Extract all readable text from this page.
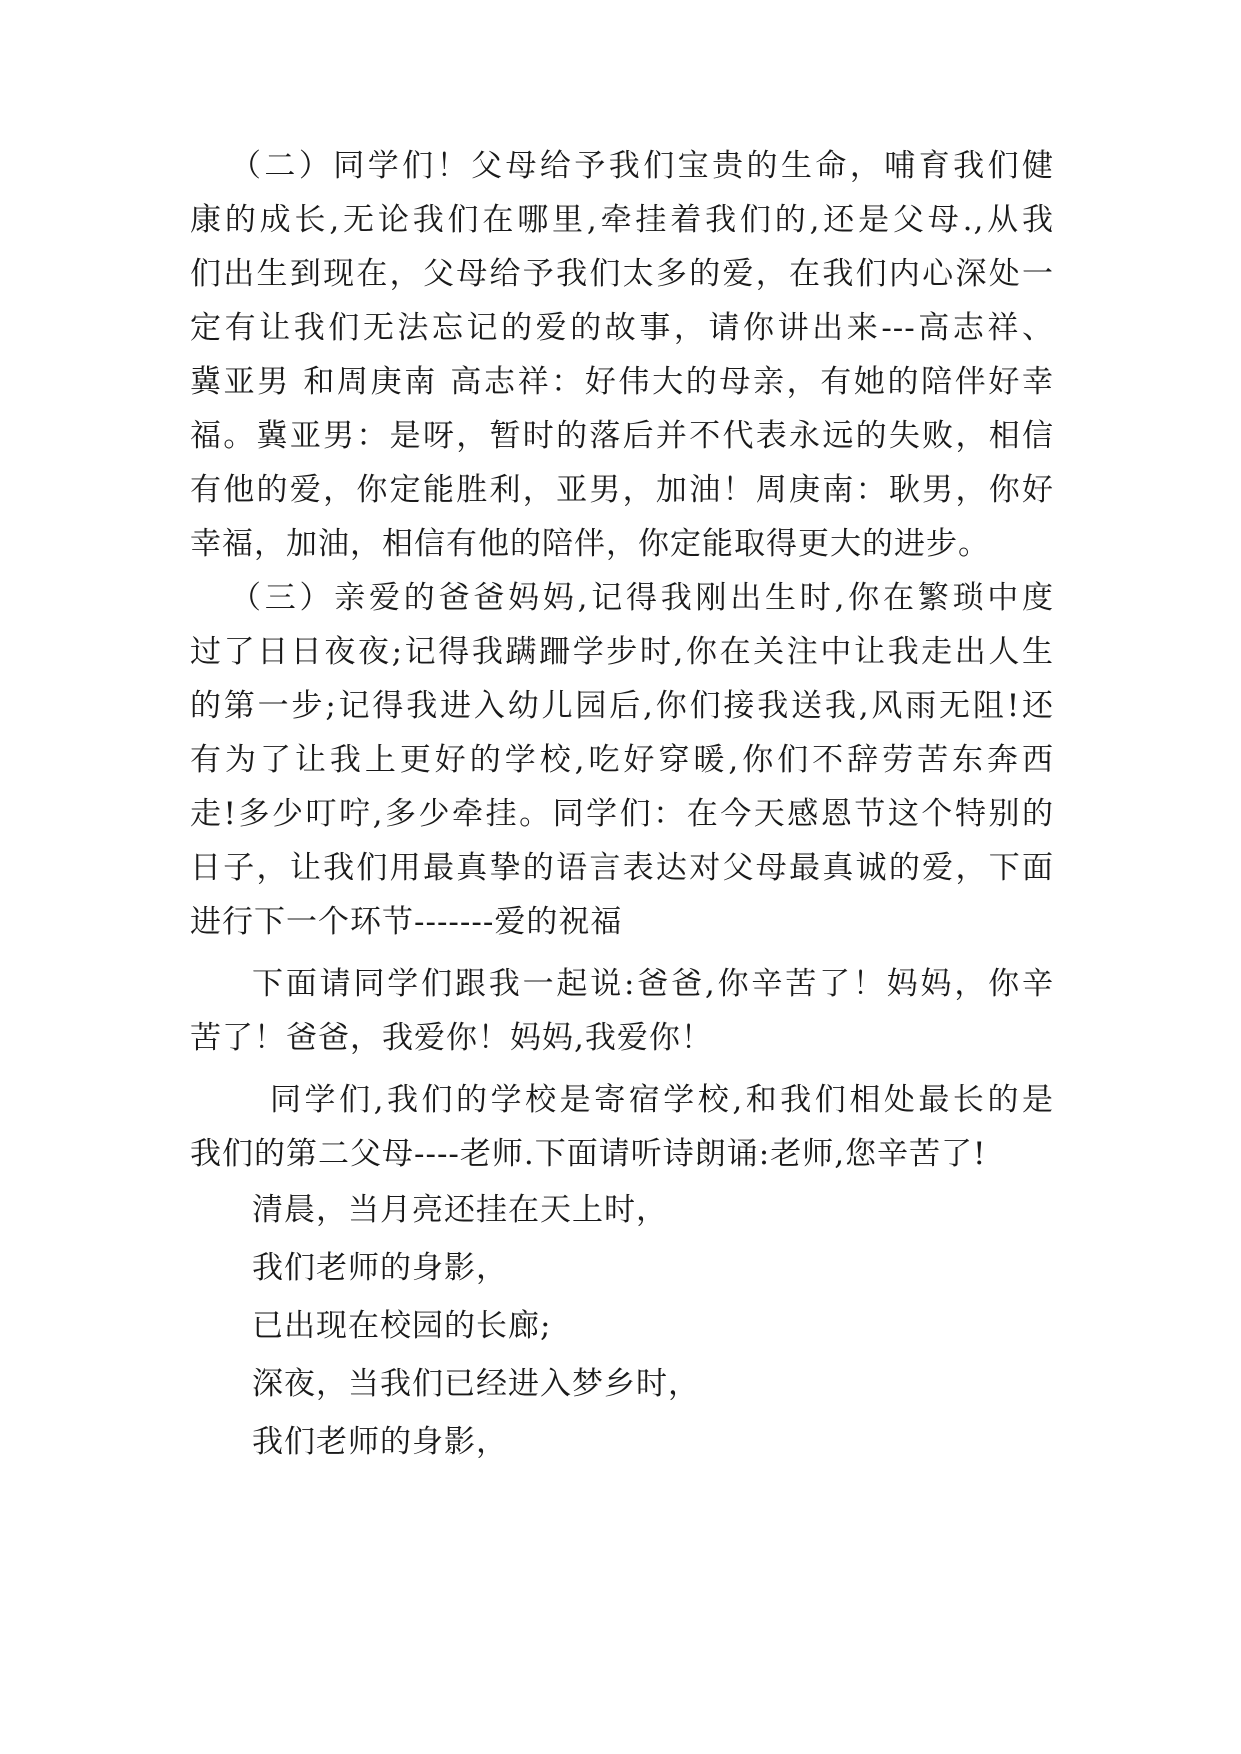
（二）同学们！父母给予我们宝贵的生命，哺育我们健
康的成长,无论我们在哪里,牵挂着我们的,还是父母.,从我
们出生到现在，父母给予我们太多的爱，在我们内心深处一
定有让我们无法忘记的爱的故事，请你讲出来---高志祥、
冀亚男 和周庚南 高志祥：好伟大的母亲，有她的陪伴好幸
福。冀亚男：是呀，暂时的落后并不代表永远的失败，相信
有他的爱，你定能胜利，亚男，加油！周庚南：耿男，你好
幸福，加油，相信有他的陪伴，你定能取得更大的进步。
（三）亲爱的爸爸妈妈,记得我刚出生时,你在繁琐中度
过了日日夜夜;记得我蹒跚学步时,你在关注中让我走出人生
的第一步;记得我进入幼儿园后,你们接我送我,风雨无阻!还
有为了让我上更好的学校,吃好穿暖,你们不辞劳苦东奔西
走!多少叮咛,多少牵挂。同学们：在今天感恩节这个特别的
日子，让我们用最真挚的语言表达对父母最真诚的爱，下面
进行下一个环节-------爱的祝福
下面请同学们跟我一起说:爸爸,你辛苦了！妈妈，你辛
苦了！爸爸，我爱你！妈妈,我爱你！
同学们,我们的学校是寄宿学校,和我们相处最长的是
我们的第二父母----老师.下面请听诗朗诵:老师,您辛苦了!
清晨，当月亮还挂在天上时，
我们老师的身影，
已出现在校园的长廊;
深夜，当我们已经进入梦乡时，
我们老师的身影，
